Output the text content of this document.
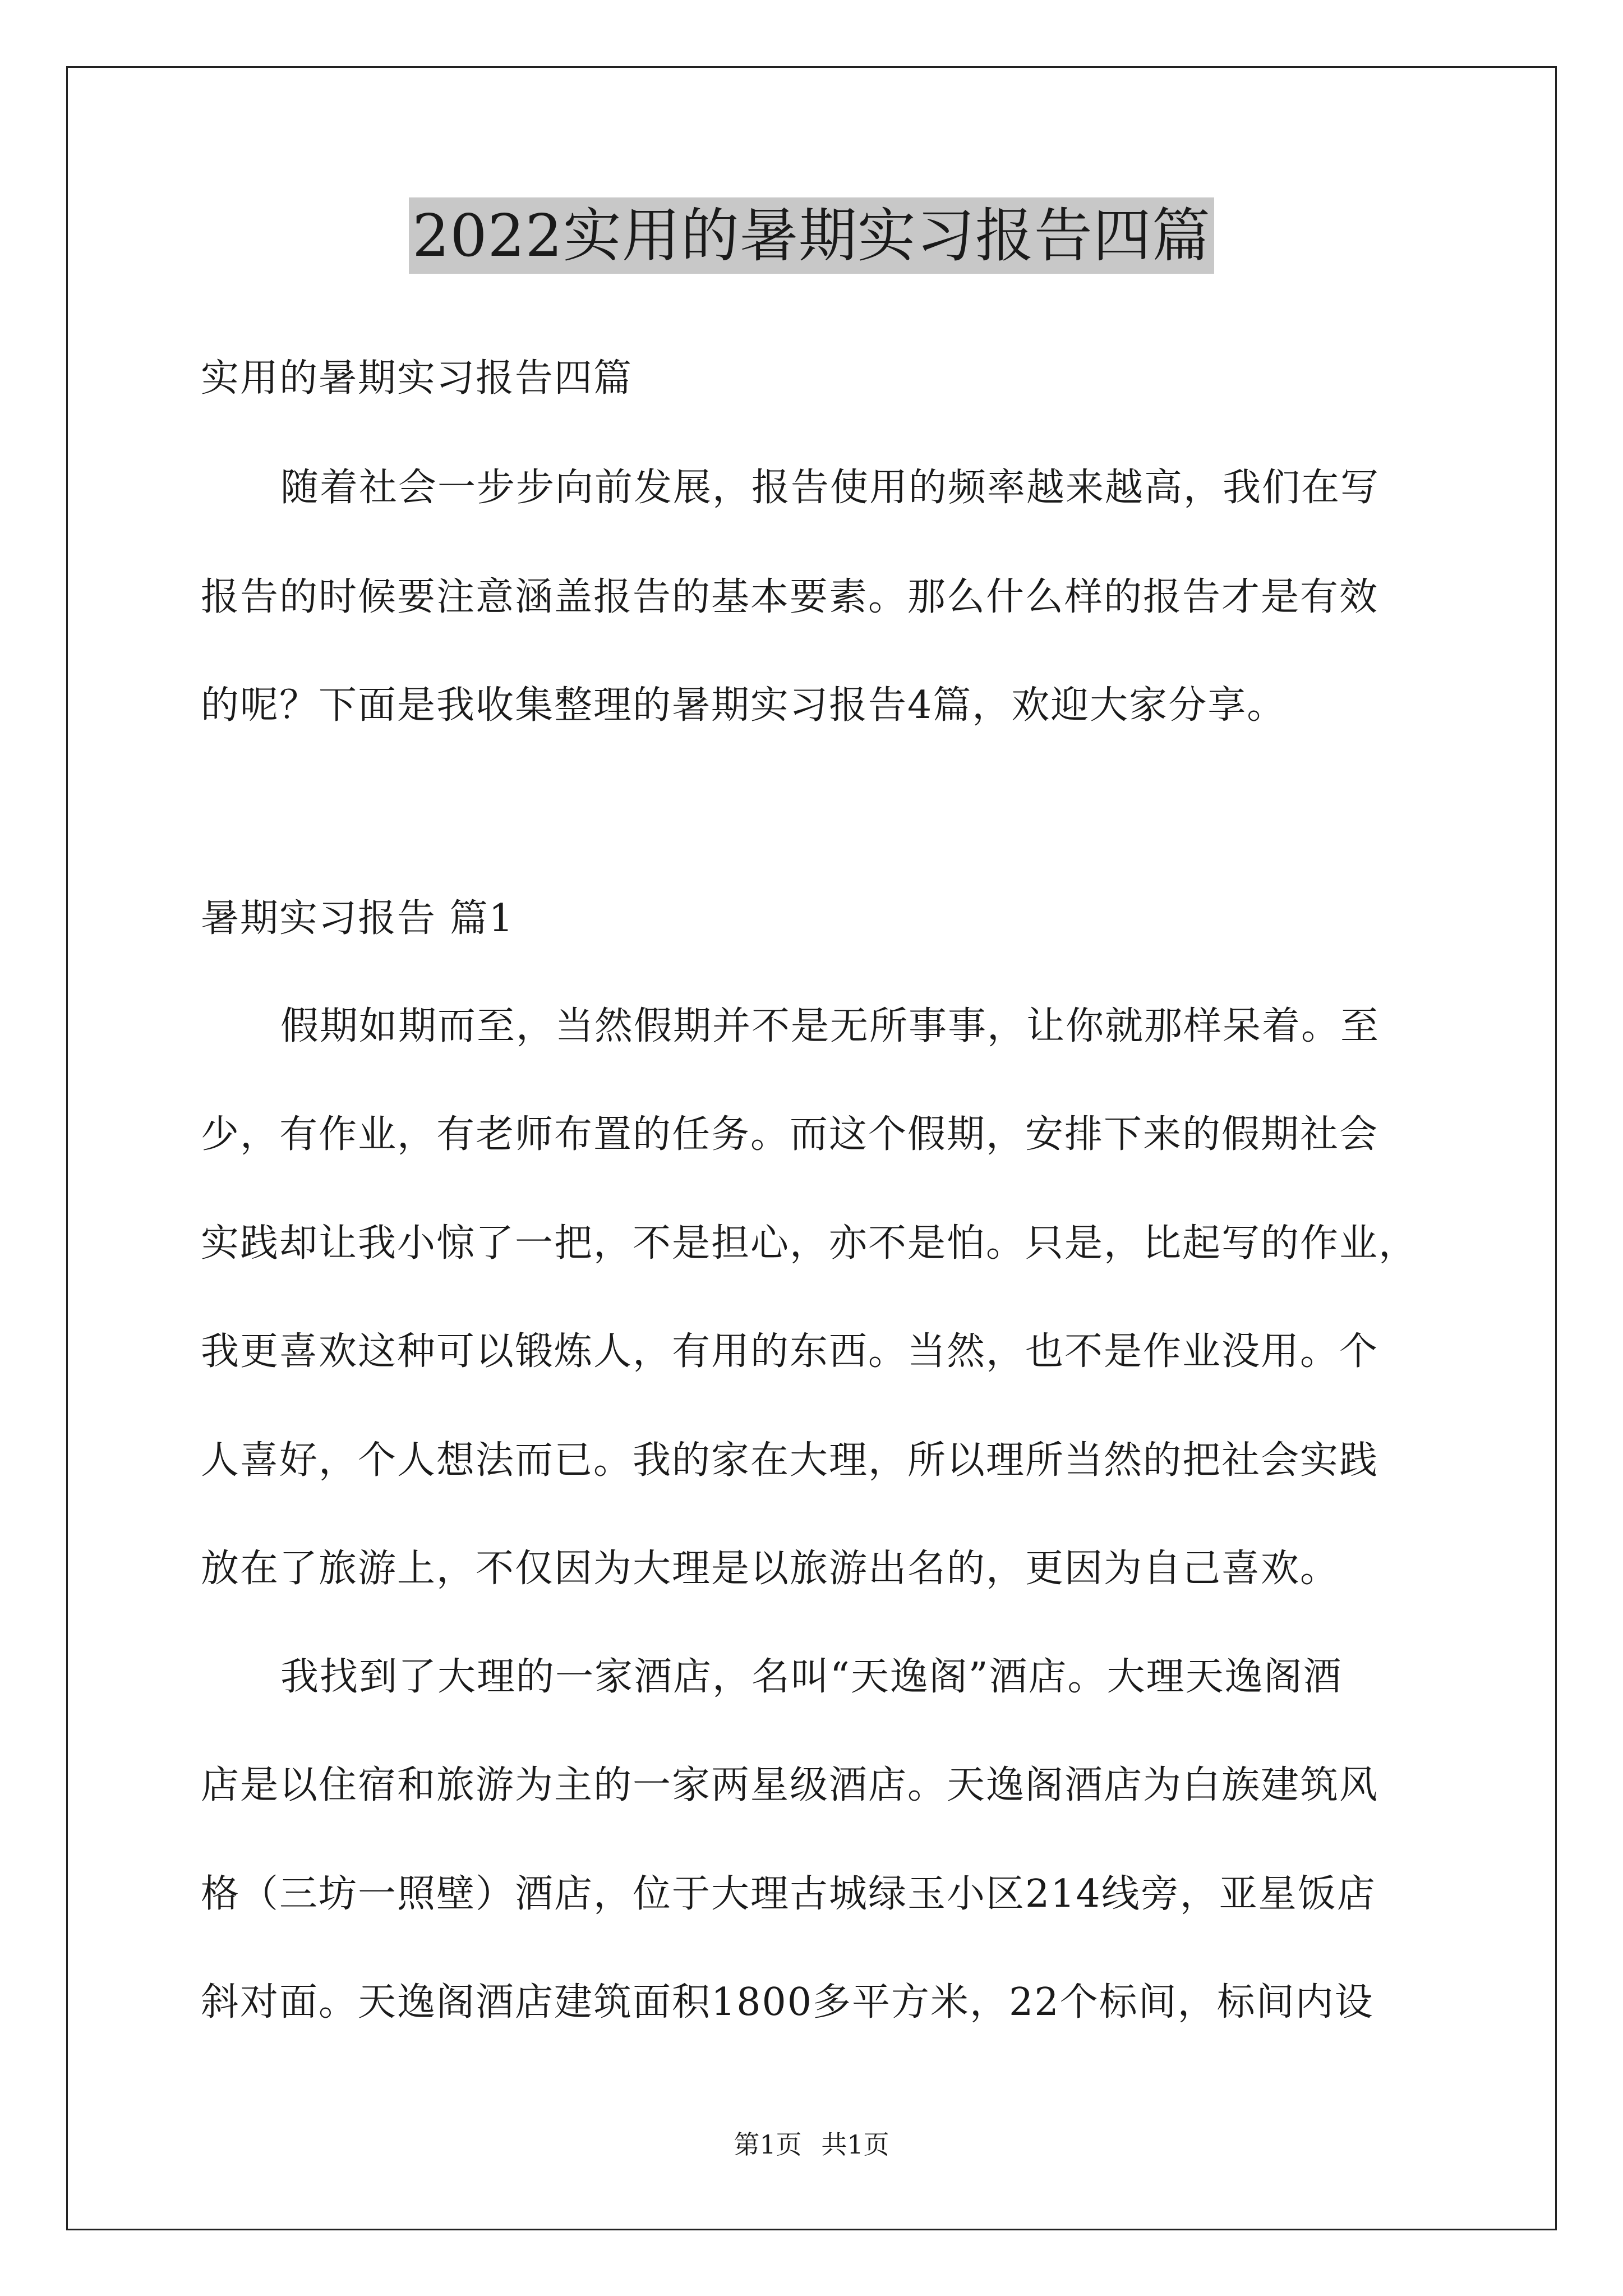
2022实用的暑期实习报告四篇
实用的暑期实习报告四篇
随着社会一步步向前发展，报告使用的频率越来越高，我们在写
报告的时候要注意涵盖报告的基本要素。那么什么样的报告才是有效
的呢？下面是我收集整理的暑期实习报告4篇，欢迎大家分享。
暑期实习报告 篇1
假期如期而至，当然假期并不是无所事事，让你就那样呆着。至
少，有作业，有老师布置的任务。而这个假期，安排下来的假期社会
实践却让我小惊了一把，不是担心，亦不是怕。只是，比起写的作业，
我更喜欢这种可以锻炼人，有用的东西。当然，也不是作业没用。个
人喜好，个人想法而已。我的家在大理，所以理所当然的把社会实践
放在了旅游上，不仅因为大理是以旅游出名的，更因为自己喜欢。
我找到了大理的一家酒店，名叫“天逸阁”酒店。大理天逸阁酒
店是以住宿和旅游为主的一家两星级酒店。天逸阁酒店为白族建筑风
格（三坊一照壁）酒店，位于大理古城绿玉小区214线旁，亚星饭店
斜对面。天逸阁酒店建筑面积1800多平方米，22个标间，标间内设
第1页 共1页
